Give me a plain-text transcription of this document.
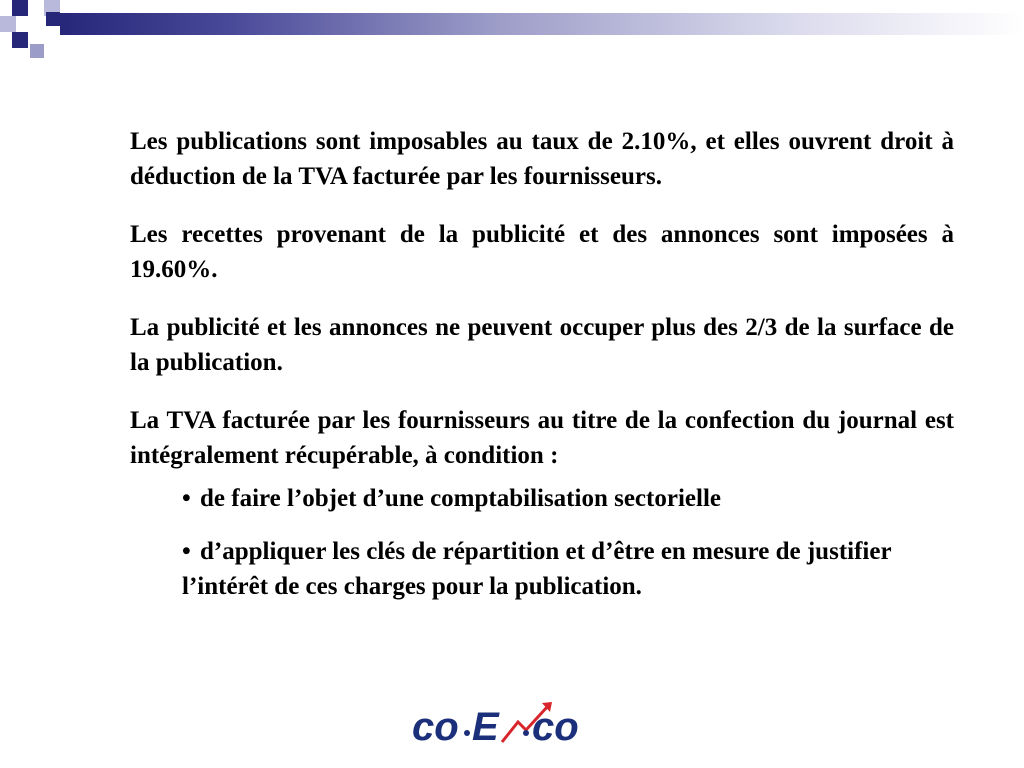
Les publications sont imposables au taux de 2.10%, et elles ouvrent droit à déduction de la TVA facturée par les fournisseurs.

Les recettes provenant de la publicité et des annonces sont imposées à 19.60%.

La publicité et les annonces ne peuvent occuper plus des 2/3 de la surface de la publication.

La TVA facturée par les fournisseurs au titre de la confection du journal est intégralement récupérable, à condition :

• de faire l’objet d’une comptabilisation sectorielle
• d’appliquer les clés de répartition et d’être en mesure de justifier l’intérêt de ces charges pour la publication.
co E co
